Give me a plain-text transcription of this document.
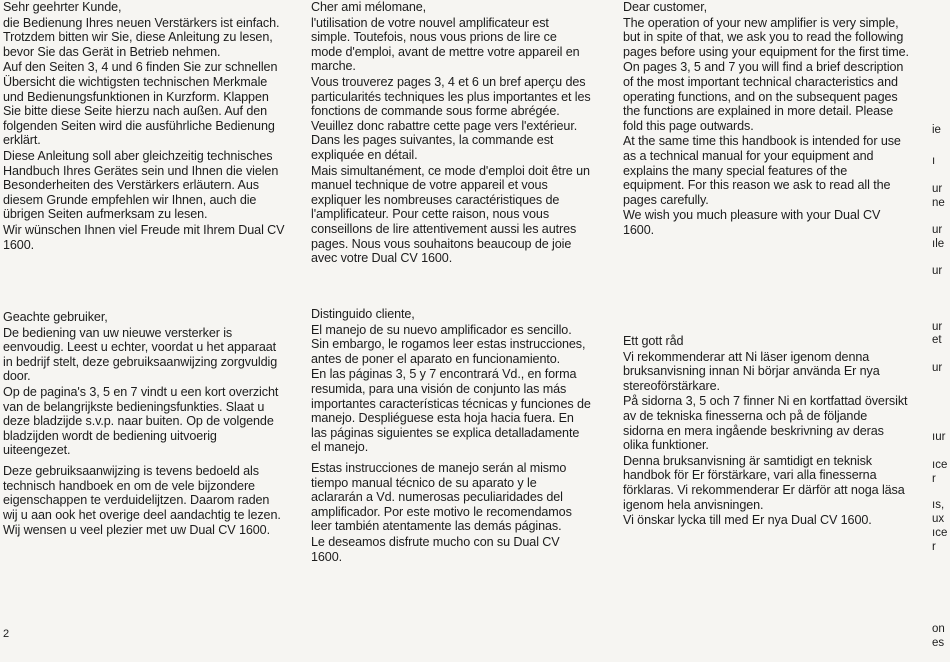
Sehr geehrter Kunde,

die Bedienung Ihres neuen Verstärkers ist einfach. Trotzdem bitten wir Sie, diese Anleitung zu lesen, bevor Sie das Gerät in Betrieb nehmen.

Auf den Seiten 3, 4 und 6 finden Sie zur schnellen Übersicht die wichtigsten technischen Merkmale und Bedienungsfunktionen in Kurzform. Klappen Sie bitte diese Seite hierzu nach außen. Auf den folgenden Seiten wird die ausführliche Bedienung erklärt.

Diese Anleitung soll aber gleichzeitig technisches Handbuch Ihres Gerätes sein und Ihnen die vielen Besonderheiten des Verstärkers erläutern. Aus diesem Grunde empfehlen wir Ihnen, auch die übrigen Seiten aufmerksam zu lesen.

Wir wünschen Ihnen viel Freude mit Ihrem Dual CV 1600.

Cher ami mélomane,

l'utilisation de votre nouvel amplificateur est simple. Toutefois, nous vous prions de lire ce mode d'emploi, avant de mettre votre appareil en marche.

Vous trouverez pages 3, 4 et 6 un bref aperçu des particularités techniques les plus importantes et les fonctions de commande sous forme abrégée. Veuillez donc rabattre cette page vers l'extérieur. Dans les pages suivantes, la commande est expliquée en détail.

Mais simultanément, ce mode d'emploi doit être un manuel technique de votre appareil et vous expliquer les nombreuses caractéristiques de l'amplificateur. Pour cette raison, nous vous conseillons de lire attentivement aussi les autres pages. Nous vous souhaitons beaucoup de joie avec votre Dual CV 1600.

Dear customer,

The operation of your new amplifier is very simple, but in spite of that, we ask you to read the following pages before using your equipment for the first time.

On pages 3, 5 and 7 you will find a brief description of the most important technical characteristics and operating functions, and on the subsequent pages the functions are explained in more detail. Please fold this page outwards.

At the same time this handbook is intended for use as a technical manual for your equipment and explains the many special features of the equipment. For this reason we ask to read all the pages carefully.

We wish you much pleasure with your Dual CV 1600.

Geachte gebruiker,

De bediening van uw nieuwe versterker is eenvoudig. Leest u echter, voordat u het apparaat in bedrijf stelt, deze gebruiksaanwijzing zorgvuldig door.

Op de pagina's 3, 5 en 7 vindt u een kort overzicht van de belangrijkste bedieningsfunkties. Slaat u deze bladzijde s.v.p. naar buiten. Op de volgende bladzijden wordt de bediening uitvoerig uiteengezet.

Deze gebruiksaanwijzing is tevens bedoeld als technisch handboek en om de vele bijzondere eigenschappen te verduidelijtzen. Daarom raden wij u aan ook het overige deel aandachtig te lezen.

Wij wensen u veel plezier met uw Dual CV 1600.

Distinguido cliente,

El manejo de su nuevo amplificador es sencillo. Sin embargo, le rogamos leer estas instrucciones, antes de poner el aparato en funcionamiento.

En las páginas 3, 5 y 7 encontrará Vd., en forma resumida, para una visión de conjunto las más importantes características técnicas y funciones de manejo. Despliéguese esta hoja hacia fuera. En las páginas siguientes se explica detalladamente el manejo.

Estas instrucciones de manejo serán al mismo tiempo manual técnico de su aparato y le aclararán a Vd. numerosas peculiaridades del amplificador. Por este motivo le recomendamos leer también atentamente las demás páginas.

Le deseamos disfrute mucho con su Dual CV 1600.

Ett gott råd

Vi rekommenderar att Ni läser igenom denna bruksanvisning innan Ni börjar använda Er nya stereoförstärkare.

På sidorna 3, 5 och 7 finner Ni en kortfattad översikt av de tekniska finesserna och på de följande sidorna en mera ingående beskrivning av deras olika funktioner.

Denna bruksanvisning är samtidigt en teknisk handbok för Er förstärkare, vari alla finesserna förklaras. Vi rekommenderar Er därför att noga läsa igenom hela anvisningen.

Vi önskar lycka till med Er nya Dual CV 1600.

ie
ı
ur
ne
ur
ıle
ur
ur
et
ur
ıur
ıce
r
ıs,
ux
ıce
r
on
es
2
